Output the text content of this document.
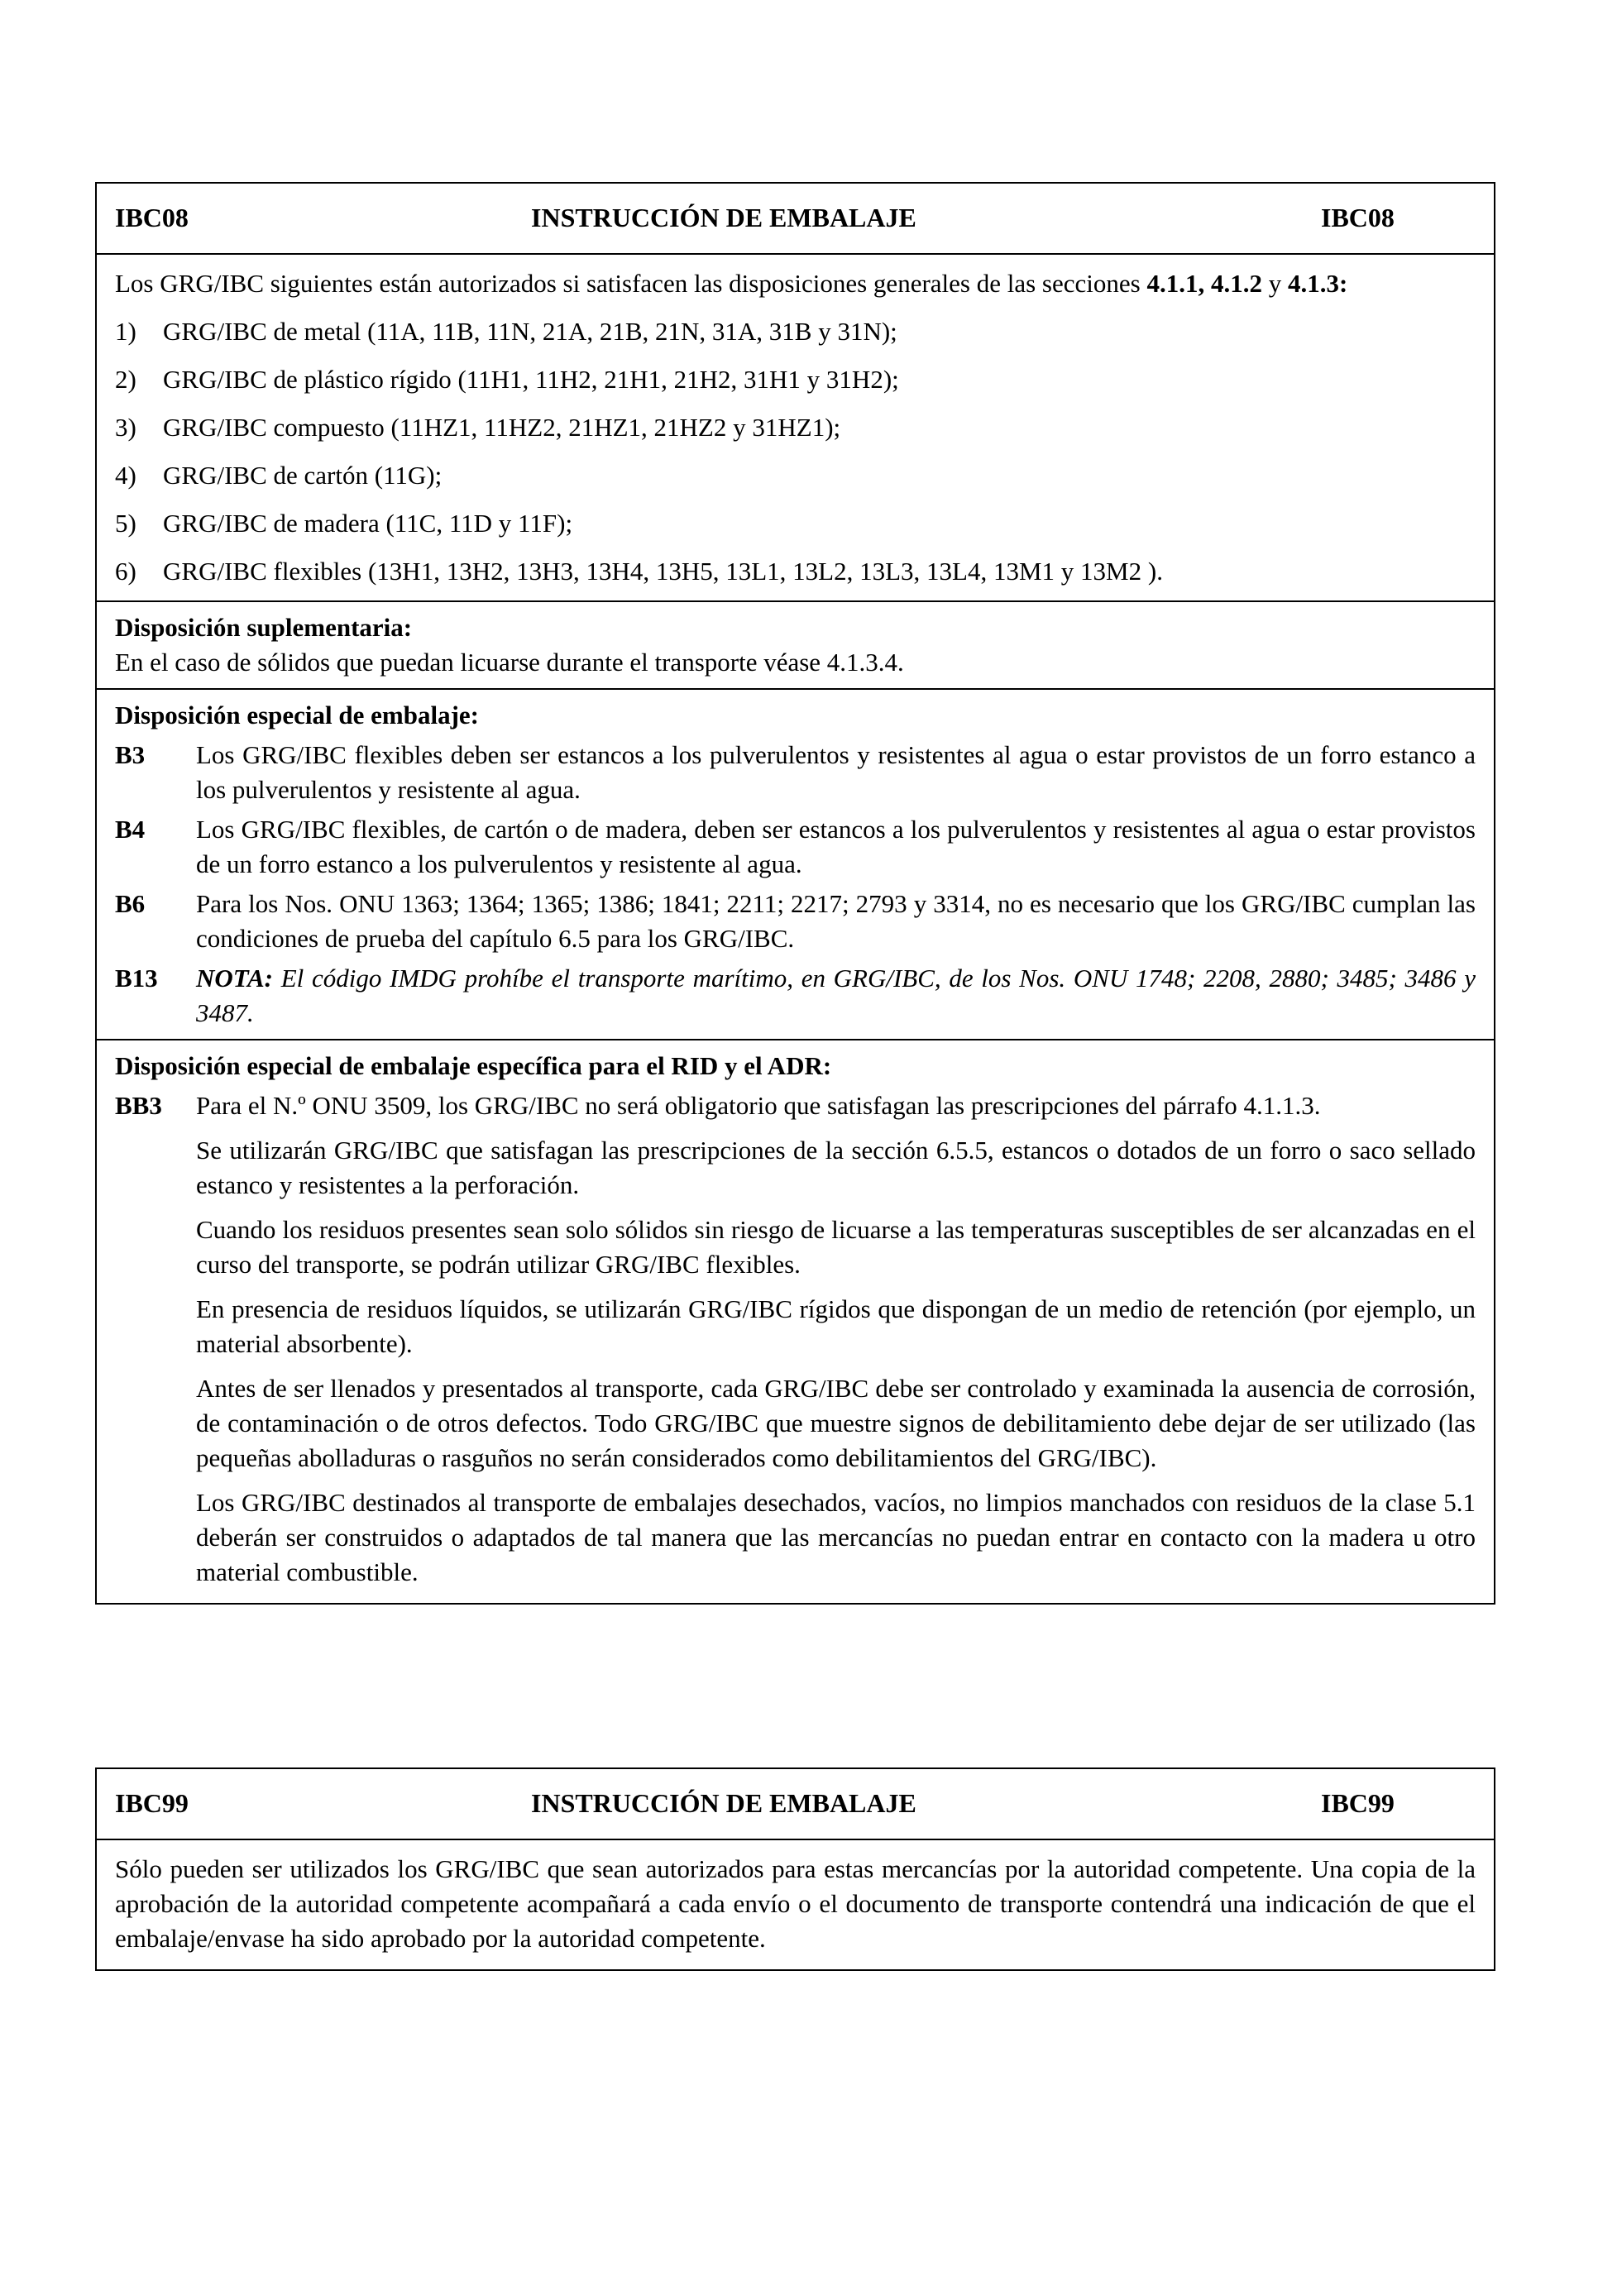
IBC08	INSTRUCCIÓN DE EMBALAJE	IBC08

Los GRG/IBC siguientes están autorizados si satisfacen las disposiciones generales de las secciones 4.1.1, 4.1.2 y 4.1.3:

1)	GRG/IBC de metal (11A, 11B, 11N, 21A, 21B, 21N, 31A, 31B y 31N);
2)	GRG/IBC de plástico rígido (11H1, 11H2, 21H1, 21H2, 31H1 y 31H2);
3)	GRG/IBC compuesto (11HZ1, 11HZ2, 21HZ1, 21HZ2 y 31HZ1);
4)	GRG/IBC de cartón (11G);
5)	GRG/IBC de madera (11C, 11D y 11F);
6)	GRG/IBC flexibles (13H1, 13H2, 13H3, 13H4, 13H5, 13L1, 13L2, 13L3, 13L4, 13M1 y 13M2 ).
Disposición suplementaria:
En el caso de sólidos que puedan licuarse durante el transporte véase 4.1.3.4.
Disposición especial de embalaje:
B3	Los GRG/IBC flexibles deben ser estancos a los pulverulentos y resistentes al agua o estar provistos de un forro estanco a los pulverulentos y resistente al agua.
B4	Los GRG/IBC flexibles, de cartón o de madera, deben ser estancos a los pulverulentos y resistentes al agua o estar provistos de un forro estanco a los pulverulentos y resistente al agua.
B6	Para los Nos. ONU 1363; 1364; 1365; 1386; 1841; 2211; 2217; 2793 y 3314, no es necesario que los GRG/IBC cumplan las condiciones de prueba del capítulo 6.5 para los GRG/IBC.
B13	NOTA: El código IMDG prohíbe el transporte marítimo, en GRG/IBC, de los Nos. ONU 1748; 2208, 2880; 3485; 3486 y 3487.
Disposición especial de embalaje específica para el RID y el ADR:
BB3	Para el N.º ONU 3509, los GRG/IBC no será obligatorio que satisfagan las prescripciones del párrafo 4.1.1.3.

Se utilizarán GRG/IBC que satisfagan las prescripciones de la sección 6.5.5, estancos o dotados de un forro o saco sellado estanco y resistentes a la perforación.

Cuando los residuos presentes sean solo sólidos sin riesgo de licuarse a las temperaturas susceptibles de ser alcanzadas en el curso del transporte, se podrán utilizar GRG/IBC flexibles.

En presencia de residuos líquidos, se utilizarán GRG/IBC rígidos que dispongan de un medio de retención (por ejemplo, un material absorbente).

Antes de ser llenados y presentados al transporte, cada GRG/IBC debe ser controlado y examinada la ausencia de corrosión, de contaminación o de otros defectos. Todo GRG/IBC que muestre signos de debilitamiento debe dejar de ser utilizado (las pequeñas abolladuras o rasguños no serán considerados como debilitamientos del GRG/IBC).

Los GRG/IBC destinados al transporte de embalajes desechados, vacíos, no limpios manchados con residuos de la clase 5.1 deberán ser construidos o adaptados de tal manera que las mercancías no puedan entrar en contacto con la madera u otro material combustible.

IBC99	INSTRUCCIÓN DE EMBALAJE	IBC99

Sólo pueden ser utilizados los GRG/IBC que sean autorizados para estas mercancías por la autoridad competente. Una copia de la aprobación de la autoridad competente acompañará a cada envío o el documento de transporte contendrá una indicación de que el embalaje/envase ha sido aprobado por la autoridad competente.
